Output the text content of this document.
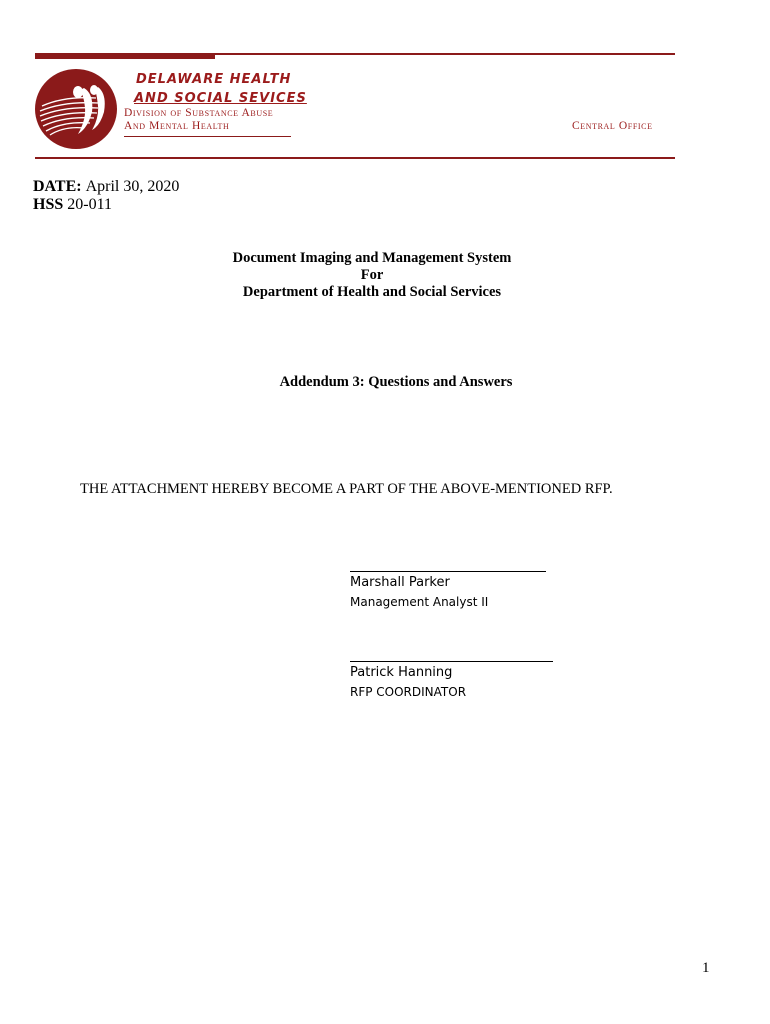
DELAWARE HEALTH
AND SOCIAL SEVICES
Division of Substance Abuse
And Mental Health	Central Office
DATE: April 30, 2020
HSS 20-011
Document Imaging and Management System
For
Department of Health and Social Services
Addendum 3: Questions and Answers
THE ATTACHMENT HEREBY BECOME A PART OF THE ABOVE-MENTIONED RFP.
Marshall Parker
Management Analyst II
Patrick Hanning
RFP COORDINATOR
1
